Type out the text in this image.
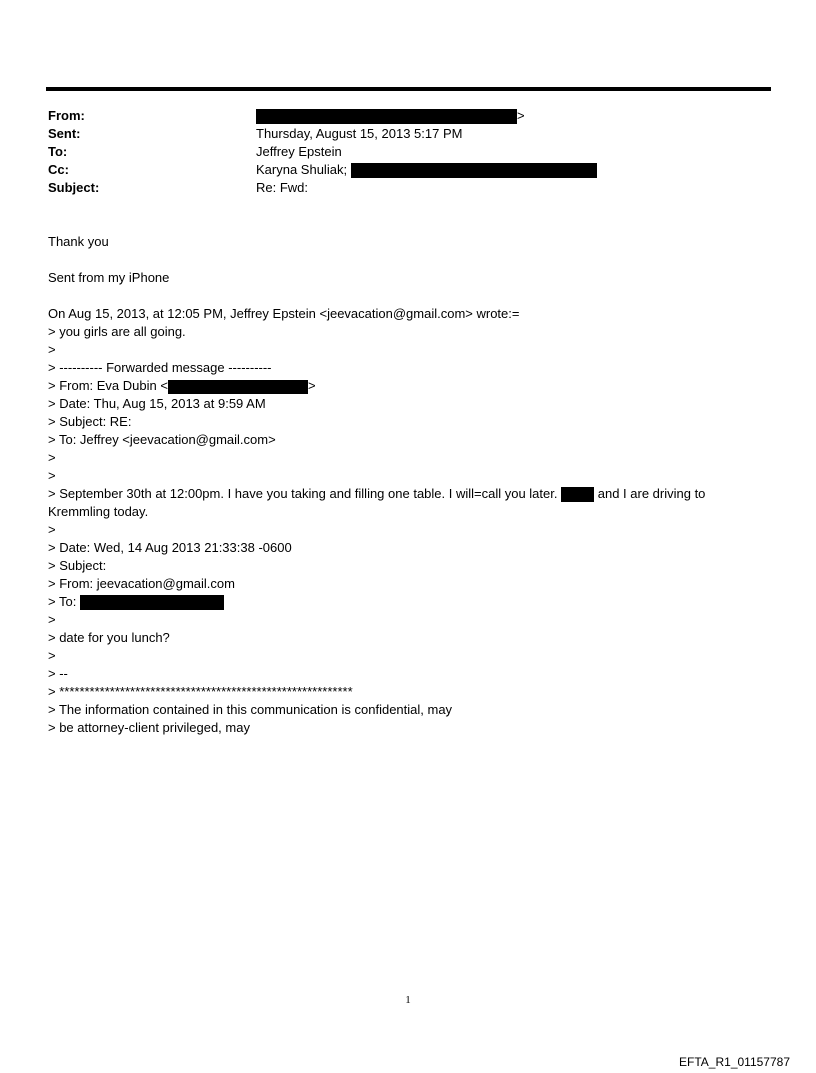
From:	>
Sent:	Thursday, August 15, 2013 5:17 PM
To:	Jeffrey Epstein
Cc:	Karyna Shuliak;
Subject:	Re: Fwd:
Thank you
Sent from my iPhone
On Aug 15, 2013, at 12:05 PM, Jeffrey Epstein <jeevacation@gmail.com> wrote:=
> you girls are all going.
>
> ---------- Forwarded message ----------
> From: Eva Dubin <	>
> Date: Thu, Aug 15, 2013 at 9:59 AM
> Subject: RE:
> To: Jeffrey <jeevacation@gmail.com>
>
>
> September 30th at 12:00pm. I have you taking and filling one table. I will=call you later.	and I are driving to
Kremmling today.
>
> Date: Wed, 14 Aug 2013 21:33:38 -0600
> Subject:
> From: jeevacation@gmail.com
> To:
>
> date for you lunch?
>
> --
> **********************************************************
> The information contained in this communication is confidential, may
> be attorney-client privileged, may
1
EFTA_R1_01157787
